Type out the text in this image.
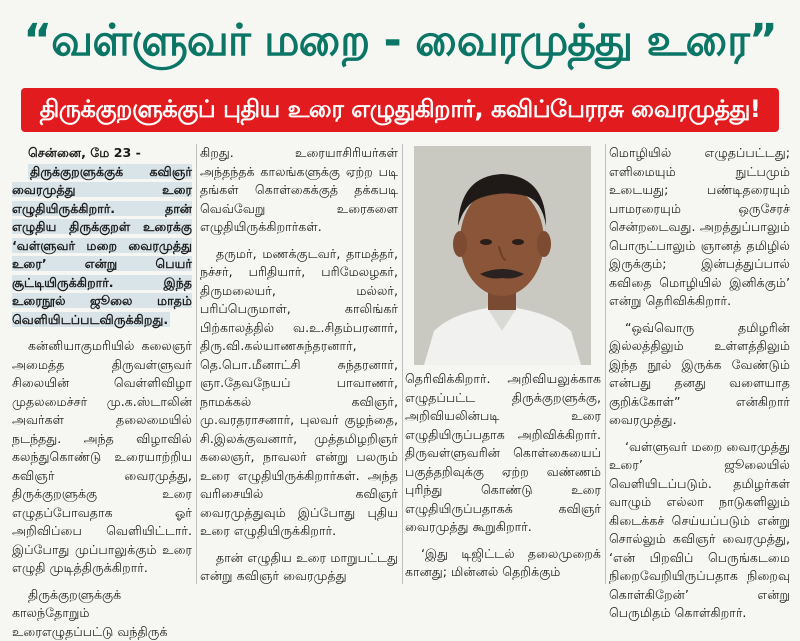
“வள்ளுவர் மறை - வைரமுத்து உரை”
திருக்குறளுக்குப் புதிய உரை எழுதுகிறார், கவிப்பேரரசு வைரமுத்து!

சென்னை, மே 23 -

திருக்குறளுக்குக் கவிஞர் வைரமுத்து உரை எழுதியிருக்கிறார். தான் எழுதிய திருக்குறள் உரைக்கு ‘வள்ளுவர் மறை வைரமுத்து உரை’ என்று பெயர் சூட்டியிருக்கிறார். இந்த உரைநூல் ஜூலை மாதம் வெளியிடப்படவிருக்கிறது.

கன்னியாகுமரியில் கலைஞர் அமைத்த திருவள்ளுவர் சிலையின் வெள்ளிவிழா முதலமைச்சர் மு.க.ஸ்டாலின் அவர்கள் தலைமையில் நடந்தது. அந்த விழாவில் கலந்துகொண்டு உரையாற்றிய கவிஞர் வைரமுத்து, திருக்குறளுக்கு உரை எழுதப்போவதாக ஓர் அறிவிப்பை வெளியிட்டார். இப்போது முப்பாலுக்கும் உரை எழுதி முடித்திருக்கிறார்.

திருக்குறளுக்குக் காலந்தோறும் உரைஎழுதப்பட்டு வந்திருக்

கிறது. உரையாசிரியர்கள் அந்தந்தக் காலங்களுக்கு ஏற்ற படி தங்கள் கொள்கைக்குத் தக்கபடி வெவ்வேறு உரைகளை எழுதியிருக்கிறார்கள்.

தருமர், மணக்குடவர், தாமத்தர், நச்சர், பரிதியார், பரிமேலழகர், திருமலையர், மல்லர், பரிப்பெருமாள், காலிங்கர் பிற்காலத்தில் வ.உ.சிதம்பரனார், திரு.வி.கல்யாணசுந்தரனார், தெ.பொ.மீனாட்சி சுந்தரனார், ஞா.தேவநேயப் பாவாணர், நாமக்கல் கவிஞர், மு.வரதராசனார், புலவர் குழந்தை, சி.இலக்குவனார், முத்தமிழறிஞர் கலைஞர், நாவலர் என்று பலரும் உரை எழுதியிருக்கிறார்கள். அந்த வரிசையில் கவிஞர் வைரமுத்துவும் இப்போது புதிய உரை எழுதியிருக்கிறார்.

தான் எழுதிய உரை மாறுபட்டது என்று கவிஞர் வைரமுத்து

தெரிவிக்கிறார். அறிவியலுக்காக எழுதப்பட்ட திருக்குறளுக்கு, அறிவியலின்படி உரை எழுதியிருப்பதாக அறிவிக்கிறார். திருவள்ளுவரின் கொள்கையைப் பகுத்தறிவுக்கு ஏற்ற வண்ணம் புரிந்து கொண்டு உரை எழுதியிருப்பதாகக் கவிஞர் வைரமுத்து கூறுகிறார்.

‘இது டிஜிட்டல் தலைமுறைக் கானது; மின்னல் தெறிக்கும்

மொழியில் எழுதப்பட்டது; எளிமையும் நுட்பமும் உடையது; பண்டிதரையும் பாமரரையும் ஒருசேரச் சென்றடைவது. அறத்துப்பாலும் பொருட்பாலும் ஞானத் தமிழில் இருக்கும்; இன்பத்துப்பால் கவிதை மொழியில் இனிக்கும்’ என்று தெரிவிக்கிறார்.

“ஒவ்வொரு தமிழரின் இல்லத்திலும் உள்ளத்திலும் இந்த நூல் இருக்க வேண்டும் என்பது தனது வளையாத குறிக்கோள்” என்கிறார் வைரமுத்து.

‘வள்ளுவர் மறை வைரமுத்து உரை’ ஜூலையில் வெளியிடப்படும். தமிழர்கள் வாழும் எல்லா நாடுகளிலும் கிடைக்கச் செய்யப்படும் என்று சொல்லும் கவிஞர் வைரமுத்து, ‘என் பிறவிப் பெருங்கடமை நிறைவேறியிருப்பதாக நிறைவு கொள்கிறேன்’ என்று பெருமிதம் கொள்கிறார்.
